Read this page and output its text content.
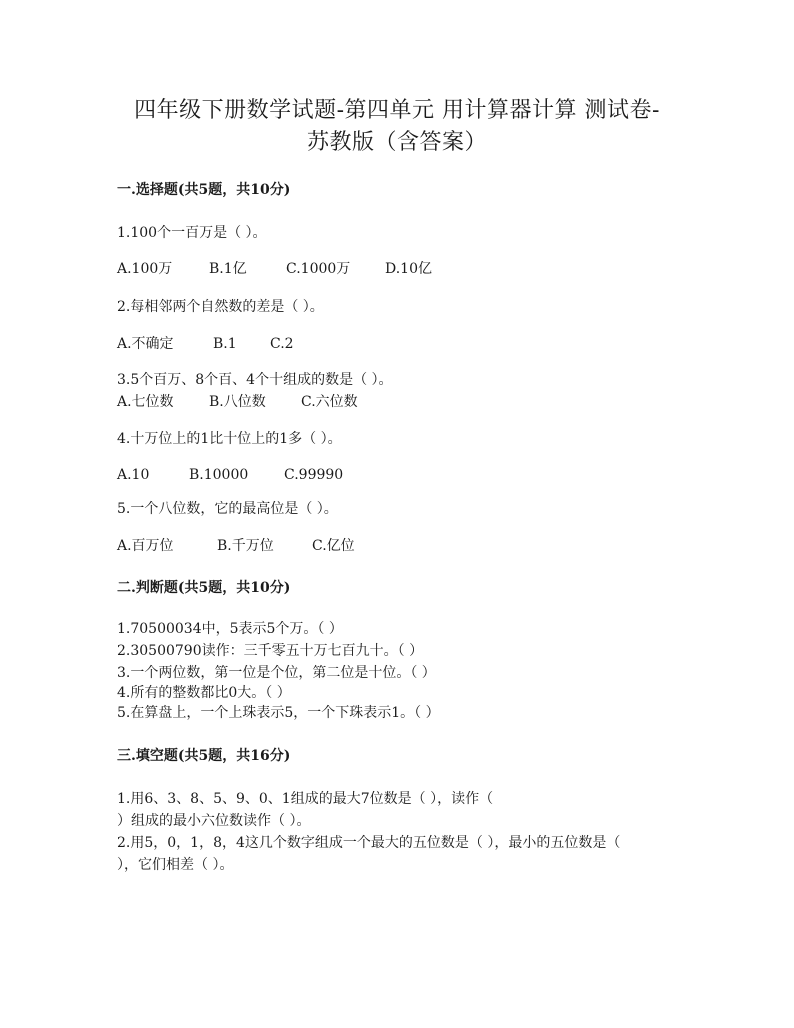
四年级下册数学试题-第四单元 用计算器计算 测试卷-
苏教版（含答案）
一.选择题(共5题，共10分)
1.100个一百万是（ ）。
A.100万	B.1亿	C.1000万 D.10亿
2.每相邻两个自然数的差是（ ）。
A.不确定	B.1 C.2
3.5个百万、8个百、4个十组成的数是（ ）。
A.七位数	B.八位数	C.六位数
4.十万位上的1比十位上的1多（ ）。
A.10	B.10000	C.99990
5.一个八位数，它的最高位是（ ）。
A.百万位	B.千万位	C.亿位
二.判断题(共5题，共10分)
1.70500034中，5表示5个万。（ ）
2.30500790读作：三千零五十万七百九十。（ ）
3.一个两位数，第一位是个位，第二位是十位。（ ）
4.所有的整数都比0大。（ ）
5.在算盘上，一个上珠表示5，一个下珠表示1。（ ）
三.填空题(共5题，共16分)
1.用6、3、8、5、9、0、1组成的最大7位数是（ ），读作（
）组成的最小六位数读作（ ）。
2.用5，0，1，8，4这几个数字组成一个最大的五位数是（ ），最小的五位数是（
），它们相差（ ）。
